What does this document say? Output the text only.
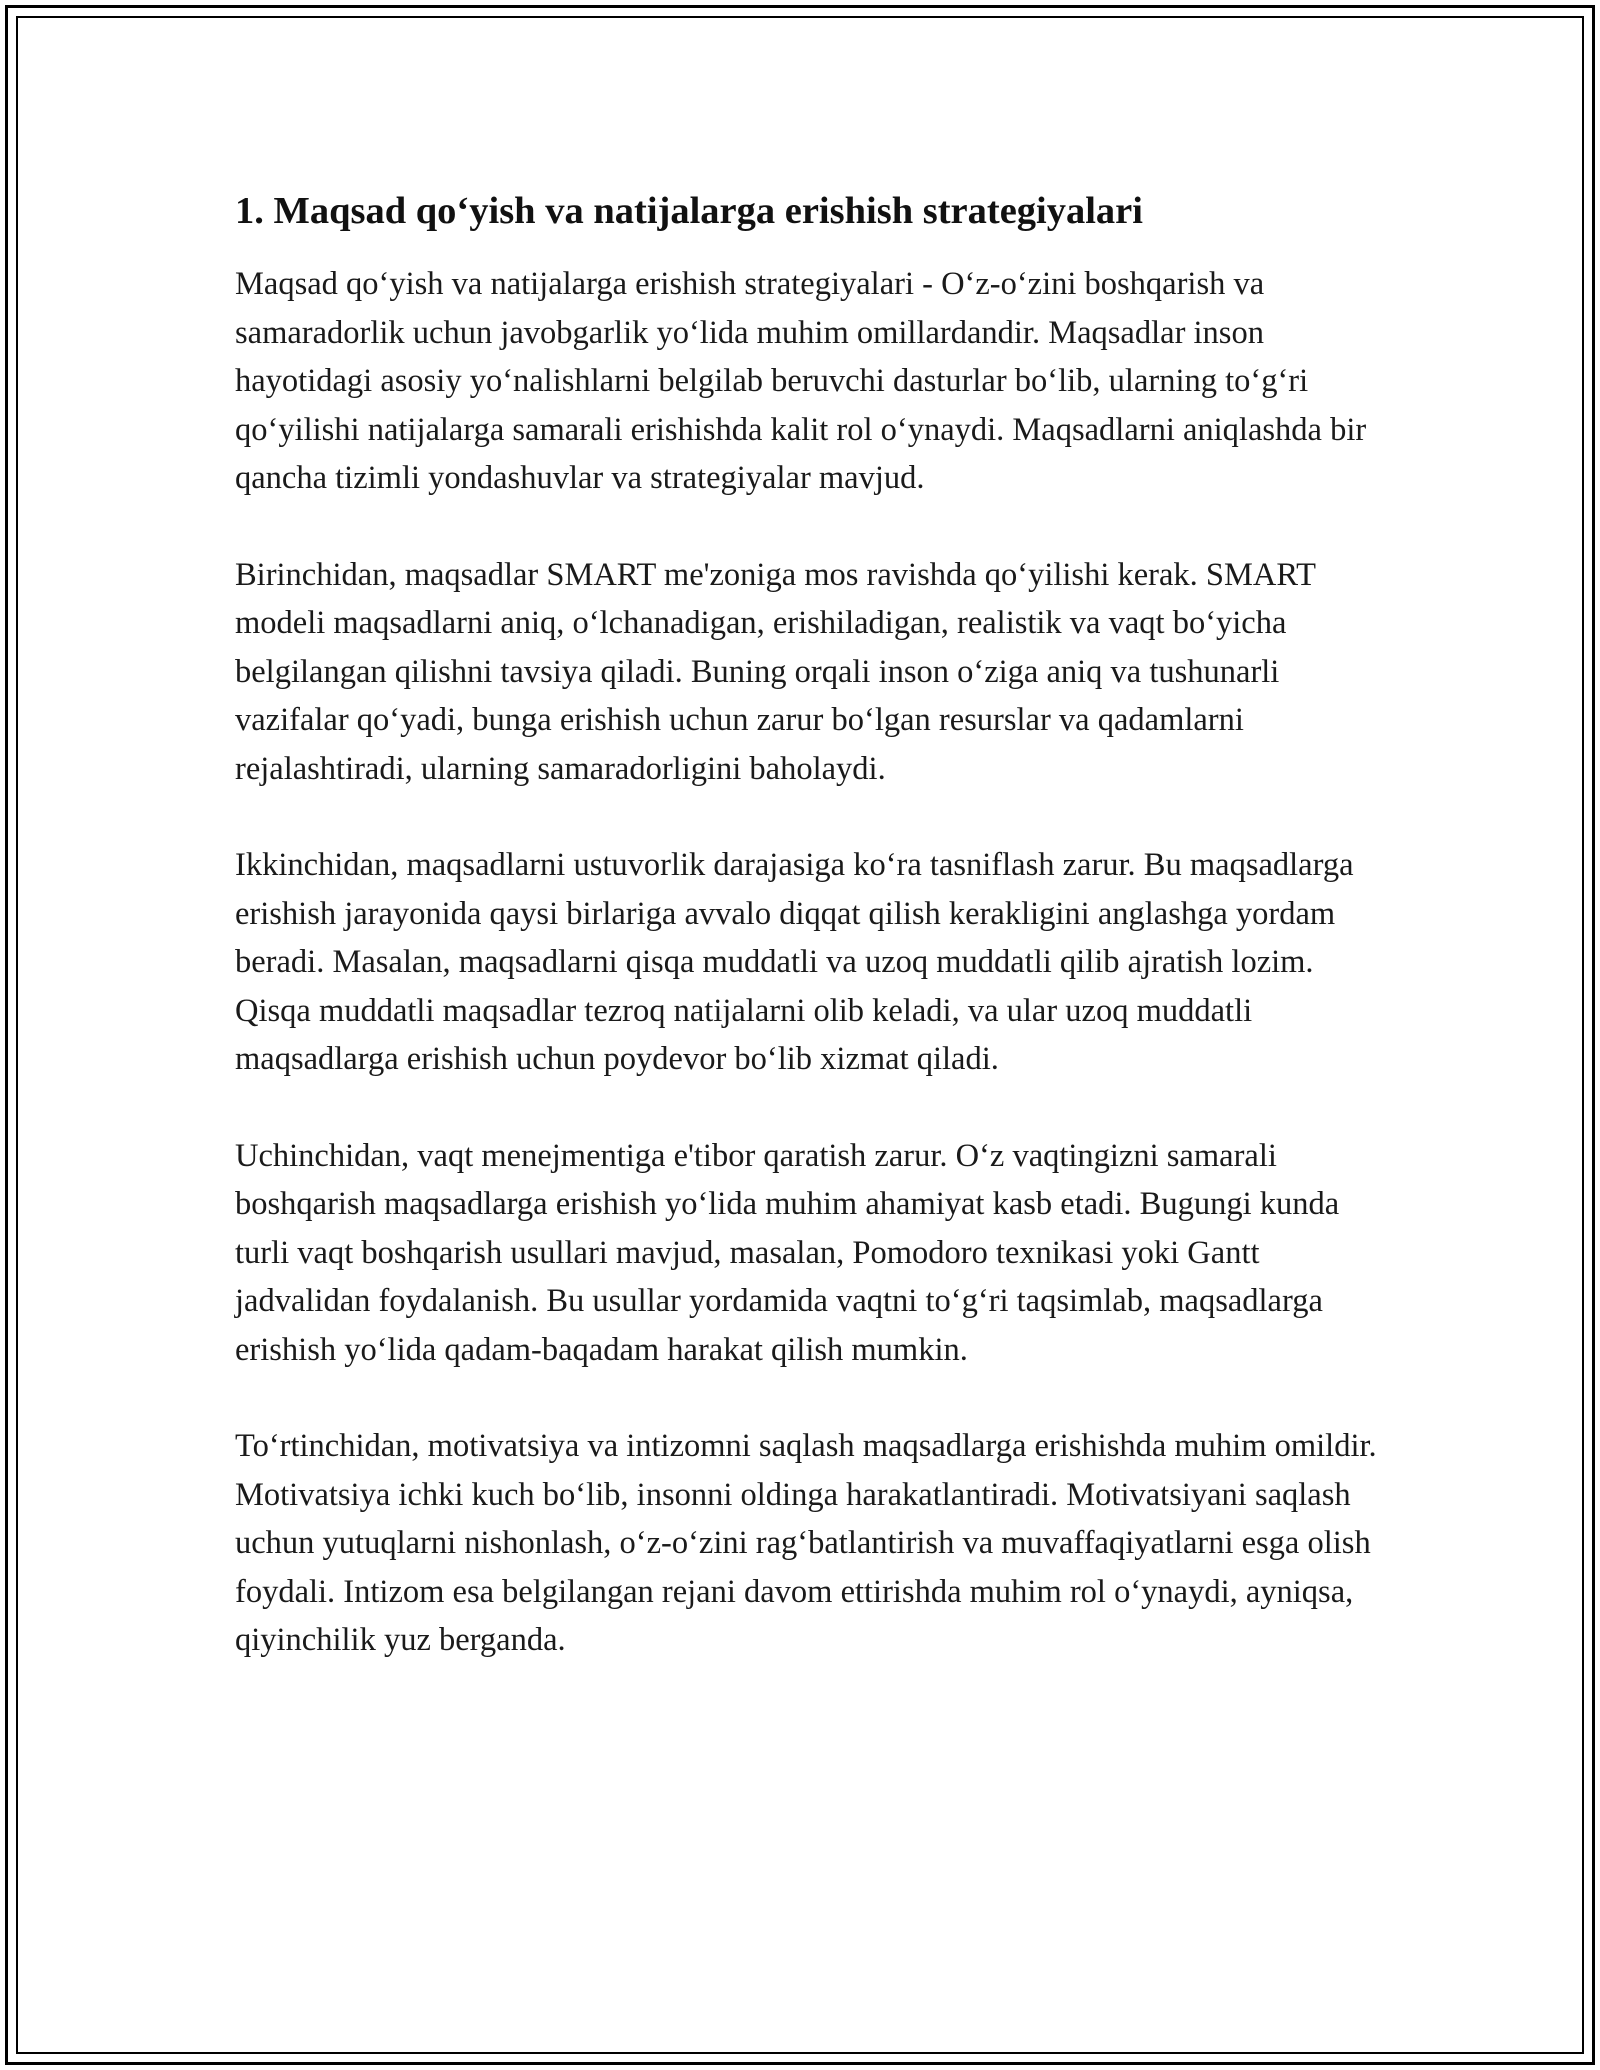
1. Maqsad qo‘yish va natijalarga erishish strategiyalari

Maqsad qo‘yish va natijalarga erishish strategiyalari - O‘z-o‘zini boshqarish va samaradorlik uchun javobgarlik yo‘lida muhim omillardandir. Maqsadlar inson hayotidagi asosiy yo‘nalishlarni belgilab beruvchi dasturlar bo‘lib, ularning to‘g‘ri qo‘yilishi natijalarga samarali erishishda kalit rol o‘ynaydi. Maqsadlarni aniqlashda bir qancha tizimli yondashuvlar va strategiyalar mavjud.

Birinchidan, maqsadlar SMART me'zoniga mos ravishda qo‘yilishi kerak. SMART modeli maqsadlarni aniq, o‘lchanadigan, erishiladigan, realistik va vaqt bo‘yicha belgilangan qilishni tavsiya qiladi. Buning orqali inson o‘ziga aniq va tushunarli vazifalar qo‘yadi, bunga erishish uchun zarur bo‘lgan resurslar va qadamlarni rejalashtiradi, ularning samaradorligini baholaydi.

Ikkinchidan, maqsadlarni ustuvorlik darajasiga ko‘ra tasniflash zarur. Bu maqsadlarga erishish jarayonida qaysi birlariga avvalo diqqat qilish kerakligini anglashga yordam beradi. Masalan, maqsadlarni qisqa muddatli va uzoq muddatli qilib ajratish lozim. Qisqa muddatli maqsadlar tezroq natijalarni olib keladi, va ular uzoq muddatli maqsadlarga erishish uchun poydevor bo‘lib xizmat qiladi.

Uchinchidan, vaqt menejmentiga e'tibor qaratish zarur. O‘z vaqtingizni samarali boshqarish maqsadlarga erishish yo‘lida muhim ahamiyat kasb etadi. Bugungi kunda turli vaqt boshqarish usullari mavjud, masalan, Pomodoro texnikasi yoki Gantt jadvalidan foydalanish. Bu usullar yordamida vaqtni to‘g‘ri taqsimlab, maqsadlarga erishish yo‘lida qadam-baqadam harakat qilish mumkin.

To‘rtinchidan, motivatsiya va intizomni saqlash maqsadlarga erishishda muhim omildir. Motivatsiya ichki kuch bo‘lib, insonni oldinga harakatlantiradi. Motivatsiyani saqlash uchun yutuqlarni nishonlash, o‘z-o‘zini rag‘batlantirish va muvaffaqiyatlarni esga olish foydali. Intizom esa belgilangan rejani davom ettirishda muhim rol o‘ynaydi, ayniqsa, qiyinchilik yuz berganda.
